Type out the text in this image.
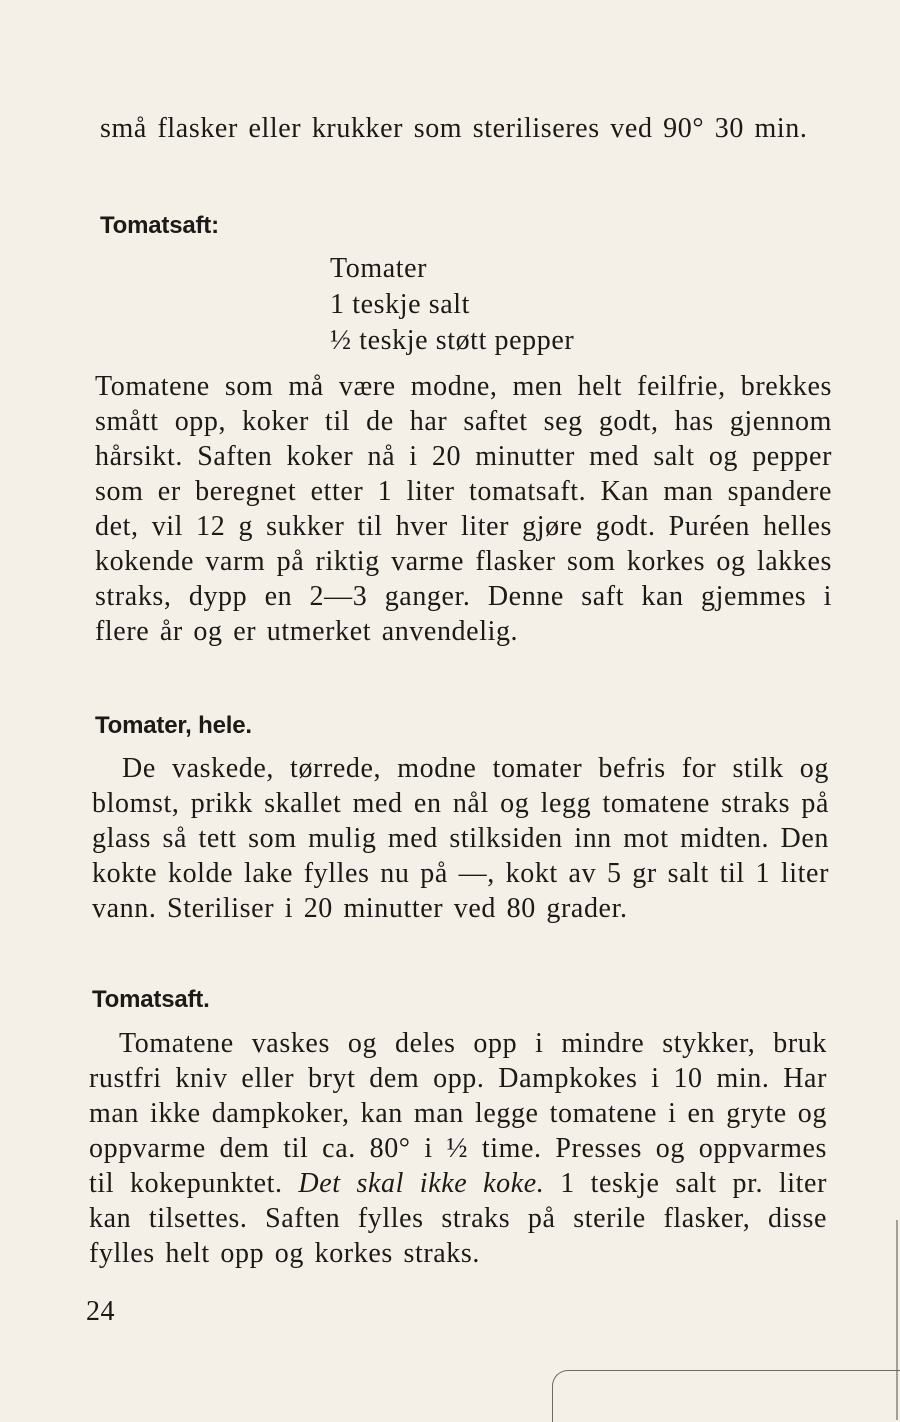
små flasker eller krukker som steriliseres ved 90° 30 min.

Tomatsaft:
Tomater
1 teskje salt
½ teskje støtt pepper

Tomatene som må være modne, men helt feilfrie, brekkes smått opp, koker til de har saftet seg godt, has gjennom hårsikt. Saften koker nå i 20 minutter med salt og pepper som er beregnet etter 1 liter tomatsaft. Kan man spandere det, vil 12 g sukker til hver liter gjøre godt. Puréen helles kokende varm på riktig varme flasker som korkes og lakkes straks, dypp en 2—3 ganger. Denne saft kan gjemmes i flere år og er utmerket anvendelig.

Tomater, hele.

De vaskede, tørrede, modne tomater befris for stilk og blomst, prikk skallet med en nål og legg tomatene straks på glass så tett som mulig med stilksiden inn mot midten. Den kokte kolde lake fylles nu på —, kokt av 5 gr salt til 1 liter vann. Steriliser i 20 minutter ved 80 grader.

Tomatsaft.

Tomatene vaskes og deles opp i mindre stykker, bruk rustfri kniv eller bryt dem opp. Dampkokes i 10 min. Har man ikke dampkoker, kan man legge tomatene i en gryte og oppvarme dem til ca. 80° i ½ time. Presses og oppvarmes til kokepunktet. Det skal ikke koke. 1 teskje salt pr. liter kan tilsettes. Saften fylles straks på sterile flasker, disse fylles helt opp og korkes straks.

24
